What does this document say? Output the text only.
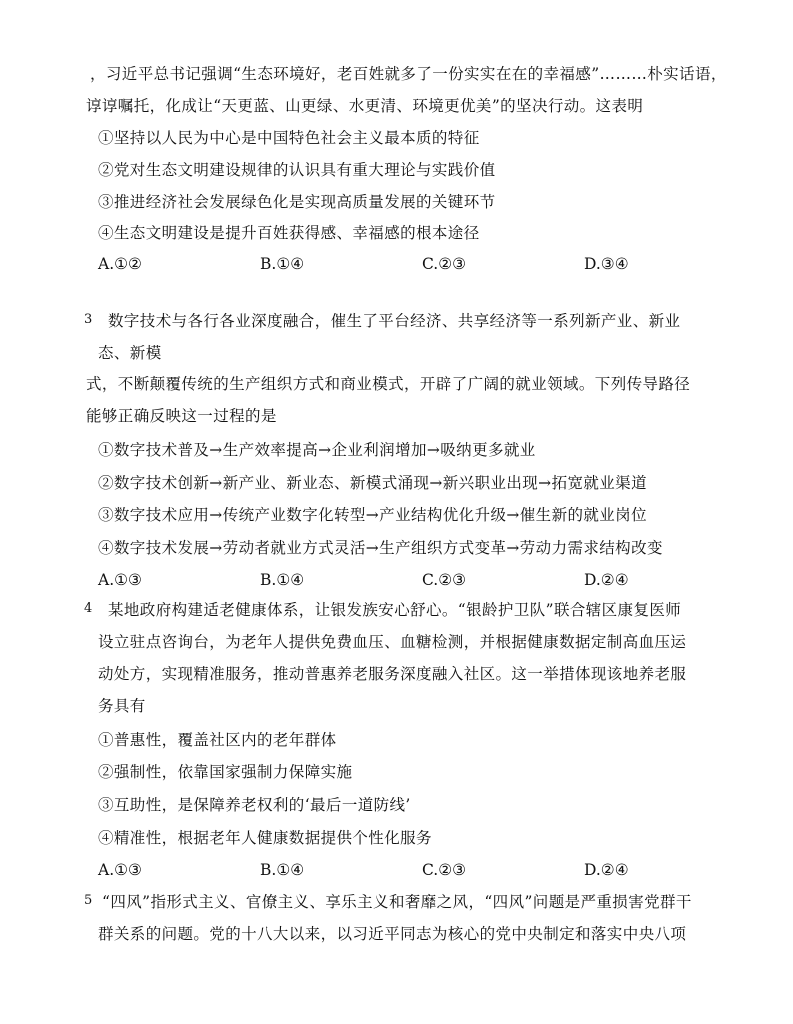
，习近平总书记强调“生态环境好，老百姓就多了一份实实在在的幸福感”………朴实话语，
谆谆嘱托，化成让“天更蓝、山更绿、水更清、环境更优美”的坚决行动。这表明
①坚持以人民为中心是中国特色社会主义最本质的特征
②党对生态文明建设规律的认识具有重大理论与实践价值
③推进经济社会发展绿色化是实现高质量发展的关键环节
④生态文明建设是提升百姓获得感、幸福感的根本途径
A.①②	B.①④	C.②③	D.③④
3 数字技术与各行各业深度融合，催生了平台经济、共享经济等一系列新产业、新业
态、新模
式，不断颠覆传统的生产组织方式和商业模式，开辟了广阔的就业领域。下列传导路径
能够正确反映这一过程的是
①数字技术普及→生产效率提高→企业利润增加→吸纳更多就业
②数字技术创新→新产业、新业态、新模式涌现→新兴职业出现→拓宽就业渠道
③数字技术应用→传统产业数字化转型→产业结构优化升级→催生新的就业岗位
④数字技术发展→劳动者就业方式灵活→生产组织方式变革→劳动力需求结构改变
A.①③	B.①④	C.②③	D.②④
4 某地政府构建适老健康体系，让银发族安心舒心。“银龄护卫队”联合辖区康复医师
设立驻点咨询台，为老年人提供免费血压、血糖检测，并根据健康数据定制高血压运
动处方，实现精准服务，推动普惠养老服务深度融入社区。这一举措体现该地养老服
务具有
①普惠性，覆盖社区内的老年群体
②强制性，依靠国家强制力保障实施
③互助性，是保障养老权利的‘最后一道防线’
④精准性，根据老年人健康数据提供个性化服务
A.①③	B.①④	C.②③	D.②④
5 “四风”指形式主义、官僚主义、享乐主义和奢靡之风，“四风”问题是严重损害党群干
群关系的问题。党的十八大以来，以习近平同志为核心的党中央制定和落实中央八项
